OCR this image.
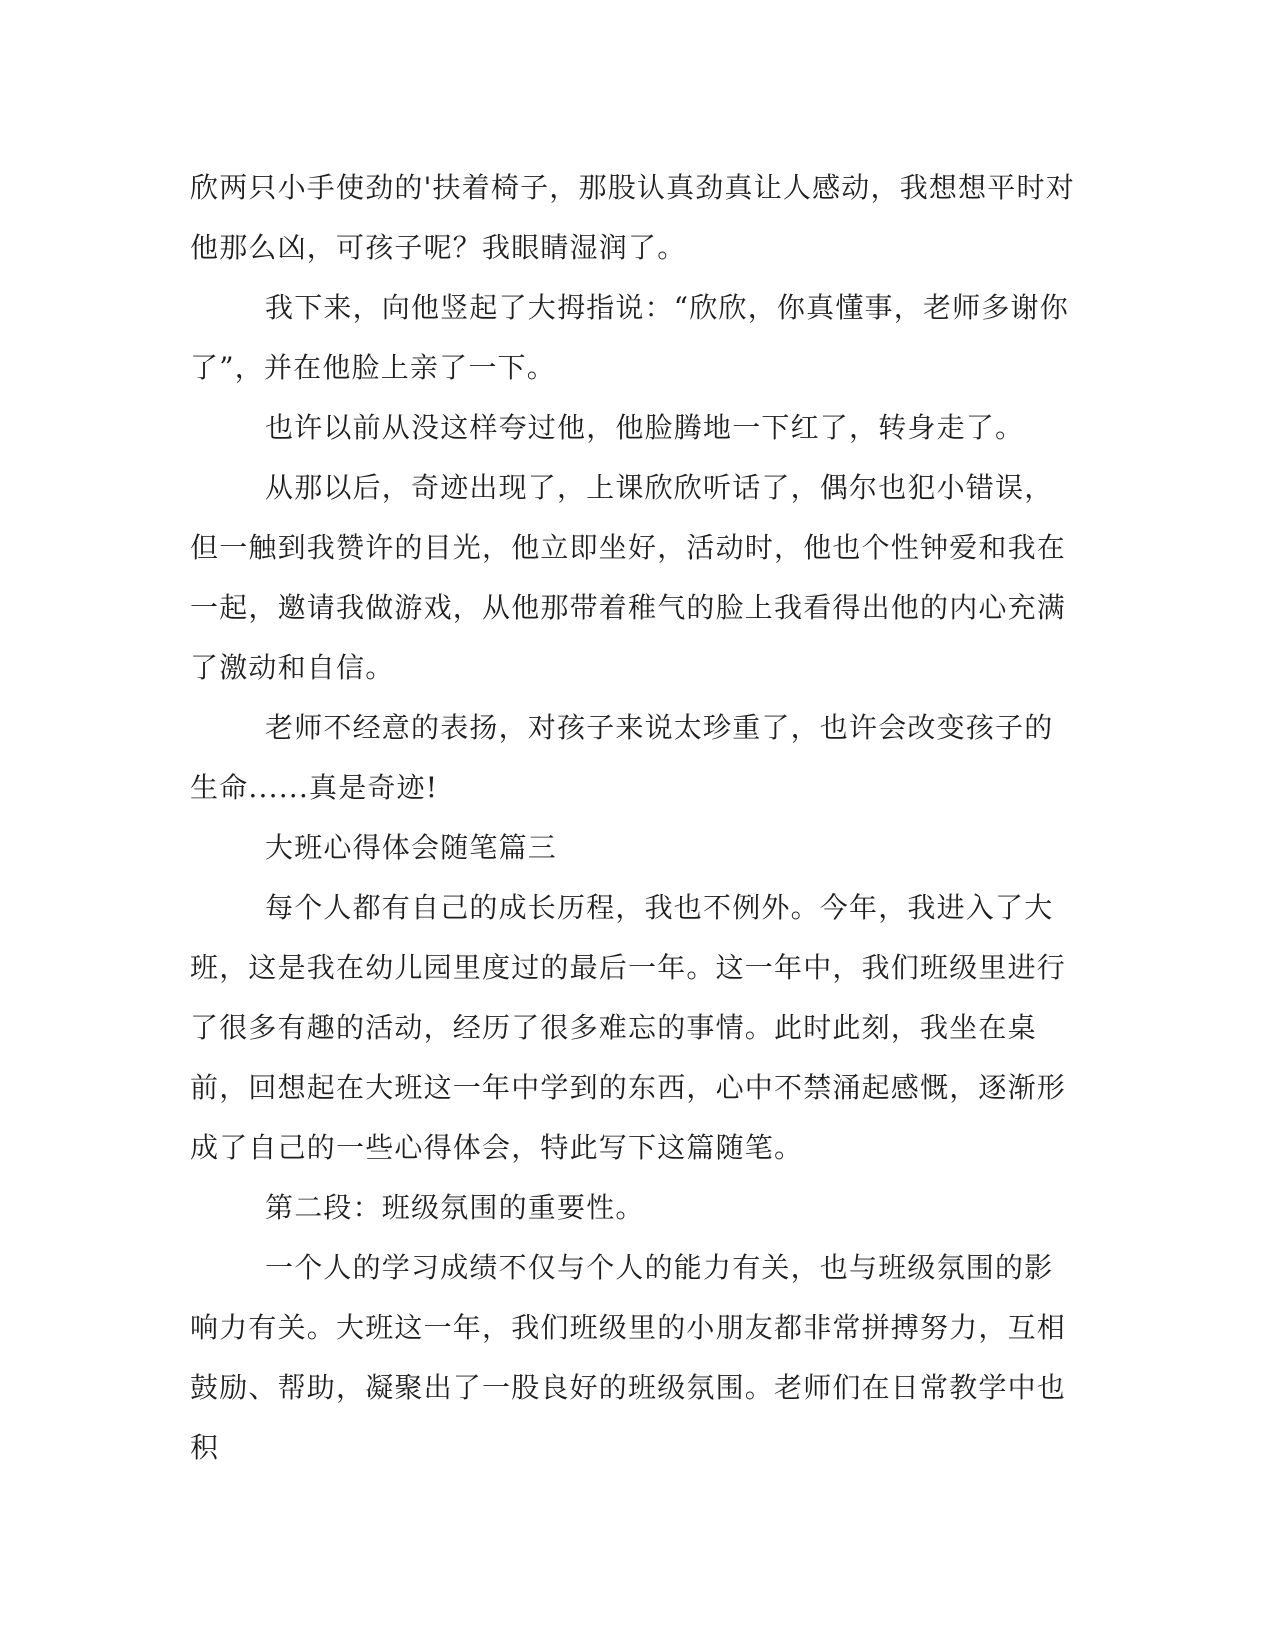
欣两只小手使劲的'扶着椅子，那股认真劲真让人感动，我想想平时对他那么凶，可孩子呢？我眼睛湿润了。

我下来，向他竖起了大拇指说：“欣欣，你真懂事，老师多谢你了”，并在他脸上亲了一下。

也许以前从没这样夸过他，他脸腾地一下红了，转身走了。

从那以后，奇迹出现了，上课欣欣听话了，偶尔也犯小错误，但一触到我赞许的目光，他立即坐好，活动时，他也个性钟爱和我在一起，邀请我做游戏，从他那带着稚气的脸上我看得出他的内心充满了激动和自信。

老师不经意的表扬，对孩子来说太珍重了，也许会改变孩子的生命......真是奇迹!

大班心得体会随笔篇三

每个人都有自己的成长历程，我也不例外。今年，我进入了大班，这是我在幼儿园里度过的最后一年。这一年中，我们班级里进行了很多有趣的活动，经历了很多难忘的事情。此时此刻，我坐在桌前，回想起在大班这一年中学到的东西，心中不禁涌起感慨，逐渐形成了自己的一些心得体会，特此写下这篇随笔。

第二段：班级氛围的重要性。

一个人的学习成绩不仅与个人的能力有关，也与班级氛围的影响力有关。大班这一年，我们班级里的小朋友都非常拼搏努力，互相鼓励、帮助，凝聚出了一股良好的班级氛围。老师们在日常教学中也积
